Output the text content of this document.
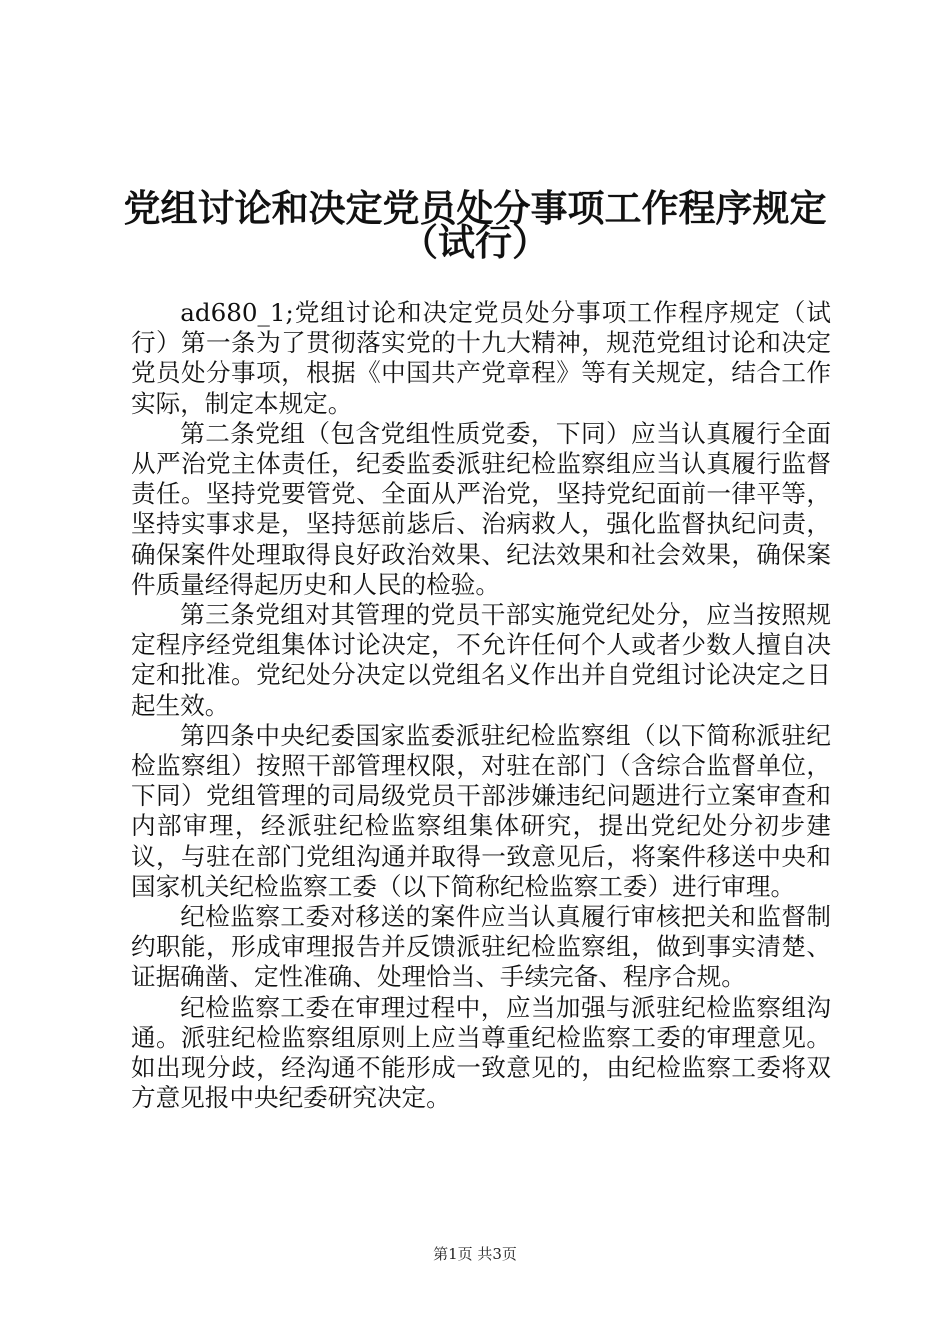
党组讨论和决定党员处分事项工作程序规定
（试行）

ad680_1;党组讨论和决定党员处分事项工作程序规定（试行）第一条为了贯彻落实党的十九大精神，规范党组讨论和决定党员处分事项，根据《中国共产党章程》等有关规定，结合工作实际，制定本规定。

第二条党组（包含党组性质党委，下同）应当认真履行全面从严治党主体责任，纪委监委派驻纪检监察组应当认真履行监督责任。坚持党要管党、全面从严治党，坚持党纪面前一律平等，坚持实事求是，坚持惩前毖后、治病救人，强化监督执纪问责，确保案件处理取得良好政治效果、纪法效果和社会效果，确保案件质量经得起历史和人民的检验。

第三条党组对其管理的党员干部实施党纪处分，应当按照规定程序经党组集体讨论决定，不允许任何个人或者少数人擅自决定和批准。党纪处分决定以党组名义作出并自党组讨论决定之日起生效。

第四条中央纪委国家监委派驻纪检监察组（以下简称派驻纪检监察组）按照干部管理权限，对驻在部门（含综合监督单位，下同）党组管理的司局级党员干部涉嫌违纪问题进行立案审查和内部审理，经派驻纪检监察组集体研究，提出党纪处分初步建议，与驻在部门党组沟通并取得一致意见后，将案件移送中央和国家机关纪检监察工委（以下简称纪检监察工委）进行审理。

纪检监察工委对移送的案件应当认真履行审核把关和监督制约职能，形成审理报告并反馈派驻纪检监察组，做到事实清楚、证据确凿、定性准确、处理恰当、手续完备、程序合规。

纪检监察工委在审理过程中，应当加强与派驻纪检监察组沟通。派驻纪检监察组原则上应当尊重纪检监察工委的审理意见。如出现分歧，经沟通不能形成一致意见的，由纪检监察工委将双方意见报中央纪委研究决定。

第1页 共3页
